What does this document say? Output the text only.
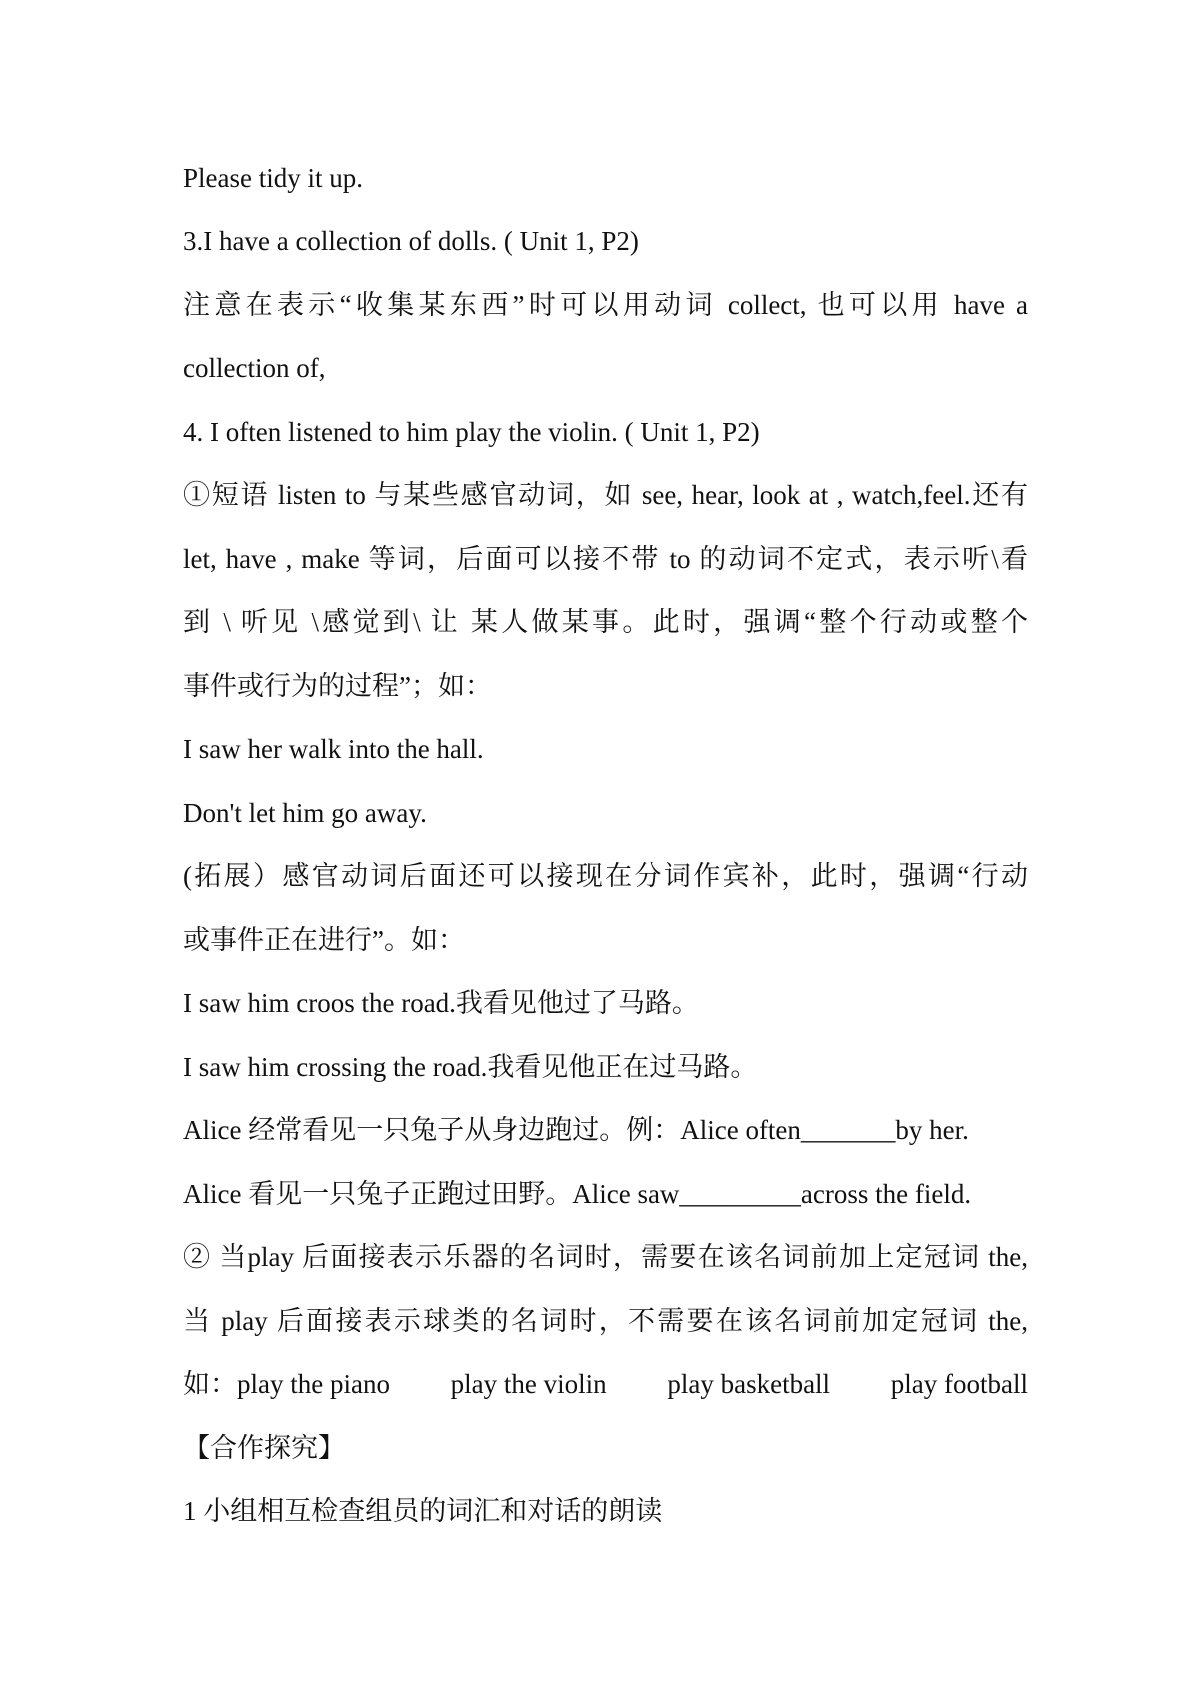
Please tidy it up.
3.I have a collection of dolls. ( Unit 1, P2)
注意在表示“收集某东西”时可以用动词 collect, 也可以用 have a
collection of,
4. I often listened to him play the violin. ( Unit 1, P2)
①短语 listen to 与某些感官动词，如 see, hear, look at , watch,feel.还有
let, have , make 等词，后面可以接不带 to 的动词不定式，表示听\看
到 \ 听见 \感觉到\ 让 某人做某事。此时，强调“整个行动或整个
事件或行为的过程”；如：
I saw her walk into the hall.
Don't let him go away.
(拓展）感官动词后面还可以接现在分词作宾补，此时，强调“行动
或事件正在进行”。如：
I saw him croos the road.我看见他过了马路。
I saw him crossing the road.我看见他正在过马路。
Alice 经常看见一只兔子从身边跑过。例：Alice often_______by her.
Alice 看见一只兔子正跑过田野。Alice saw_________across the field.
② 当play 后面接表示乐器的名词时，需要在该名词前加上定冠词 the,
当 play 后面接表示球类的名词时，不需要在该名词前加定冠词 the,
如：play the piano play the violin play basketball play football
【合作探究】
1 小组相互检查组员的词汇和对话的朗读
